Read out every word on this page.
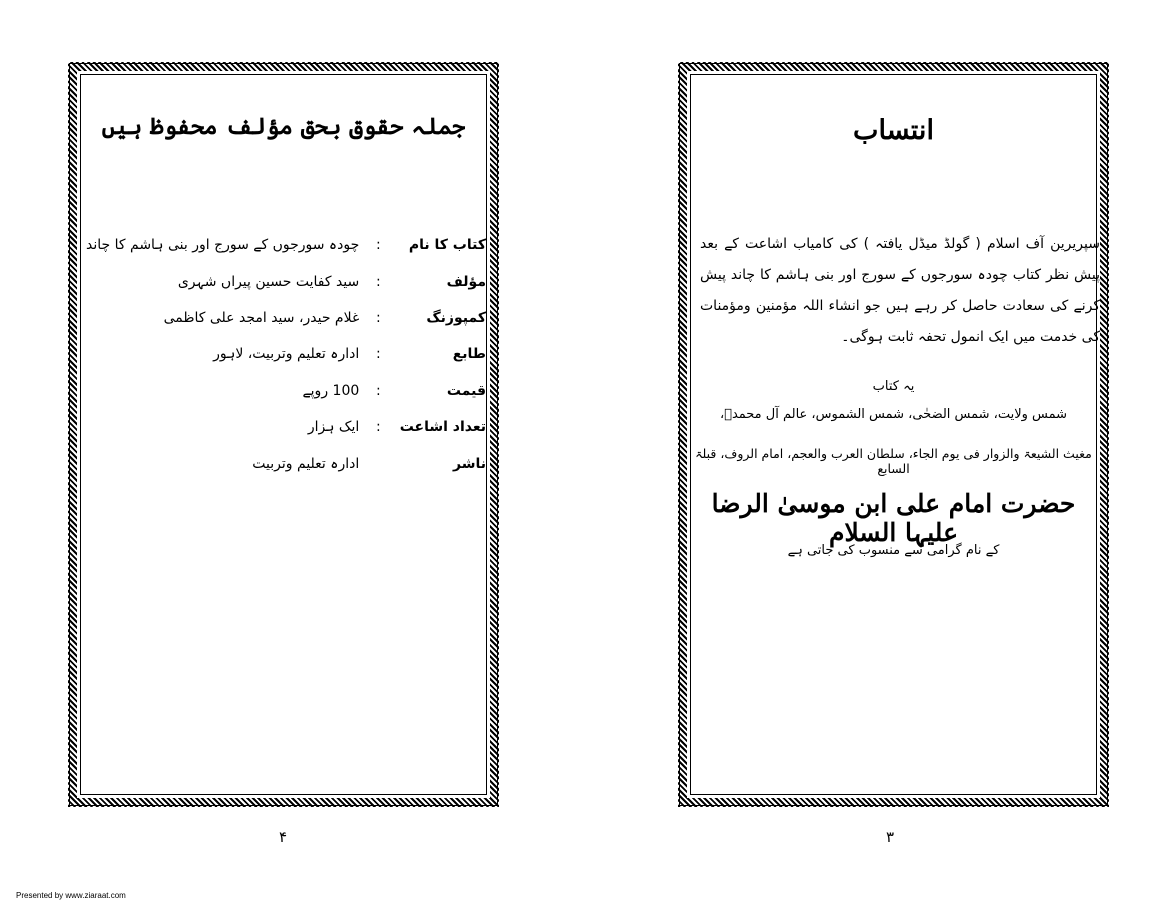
جملہ حقوق بحق مؤلف محفوظ ہیں
کتاب کا نام	:	چودہ سورجوں کے سورج اور بنی ہاشم کا چاند
مؤلف	:	سید کفایت حسین پیراں شہری
کمپوزنگ	:	غلام حیدر، سید امجد علی کاظمی
طابع	:	ادارہ تعلیم وتربیت، لاہور
قیمت	:	100 روپے
تعداد اشاعت	:	ایک ہزار
ناشر		ادارہ تعلیم وتربیت
۴
انتساب
سپریرین آف اسلام ( گولڈ میڈل یافتہ ) کی کامیاب اشاعت کے بعد پیش نظر کتاب چودہ سورجوں کے سورج اور بنی ہاشم کا چاند پیش کرنے کی سعادت حاصل کر رہے ہیں جو انشاء اللہ مؤمنین ومؤمنات کی خدمت میں ایک انمول تحفہ ثابت ہوگی۔
یہ کتاب
شمس ولایت، شمس الضحٰی، شمس الشموس، عالم آل محمدؐ،
مغیث الشیعۃ والزوار فی یوم الجاء، سلطان العرب والعجم، امام الروف، قبلۃ السابع
حضرت امام علی ابن موسیٰ الرضا علیہا السلام
کے نام گرامی سے منسوب کی جاتی ہے
۳
Presented by www.ziaraat.com
